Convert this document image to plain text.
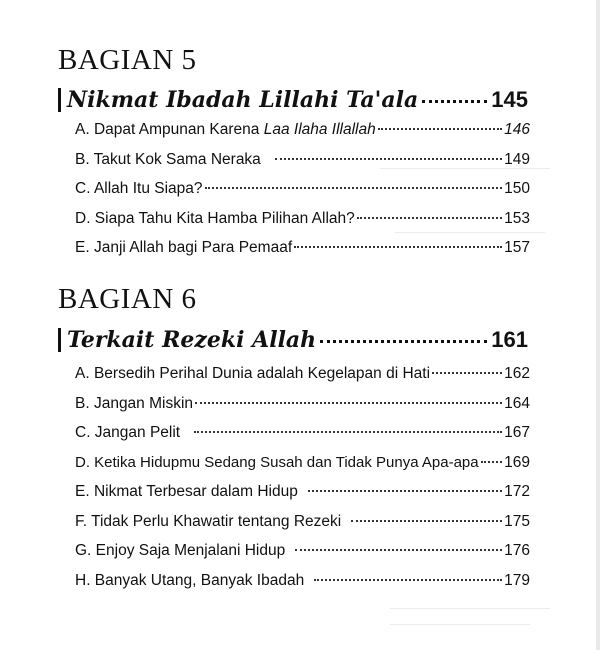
BAGIAN 5
Nikmat Ibadah Lillahi Ta'ala	145
A. Dapat Ampunan Karena Laa Ilaha Illallah	146
B. Takut Kok Sama Neraka	149
C. Allah Itu Siapa?	150
D. Siapa Tahu Kita Hamba Pilihan Allah?	153
E. Janji Allah bagi Para Pemaaf	157
BAGIAN 6
Terkait Rezeki Allah	161
A. Bersedih Perihal Dunia adalah Kegelapan di Hati	162
B. Jangan Miskin	164
C. Jangan Pelit	167
D. Ketika Hidupmu Sedang Susah dan Tidak Punya Apa-apa 169
E. Nikmat Terbesar dalam Hidup	172
F. Tidak Perlu Khawatir tentang Rezeki	175
G. Enjoy Saja Menjalani Hidup	176
H. Banyak Utang, Banyak Ibadah	179
